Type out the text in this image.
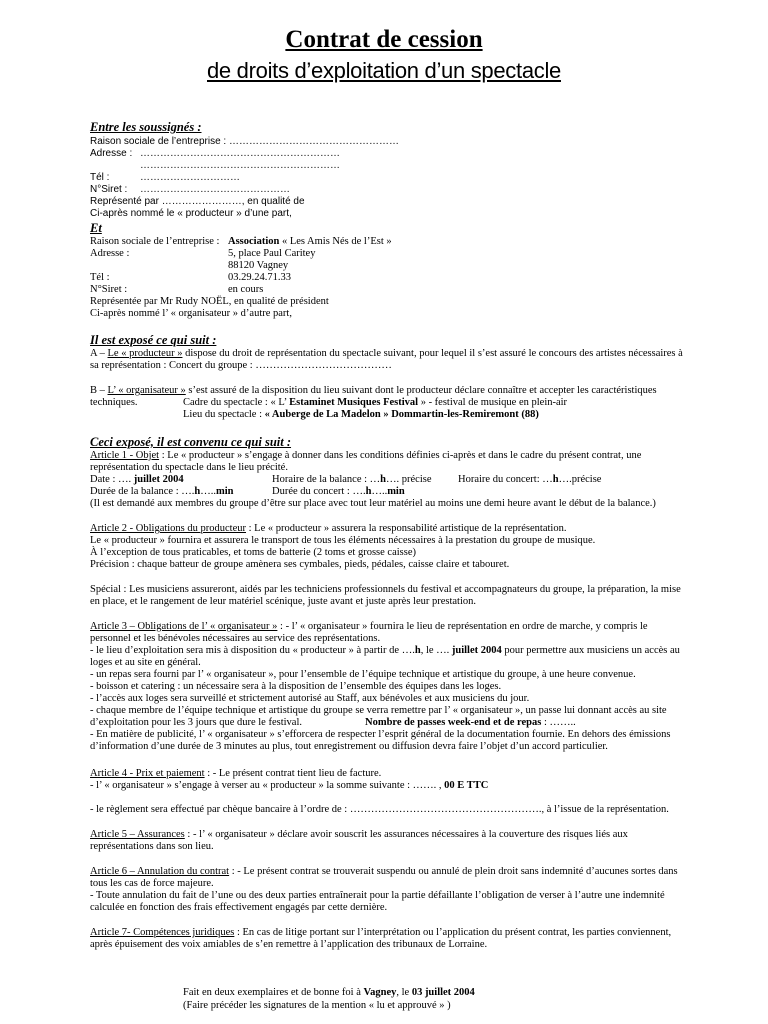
Contrat de cession
de droits d’exploitation d’un spectacle
Entre les soussignés :
Raison sociale de l’entreprise : ……………………………………………
Adresse : ……………………………………………………
……………………………………………………
Tél :	…………………………
N°Siret : ………………………………………
Représenté par ……………………, en qualité de
Ci-après nommé le « producteur » d’une part,
Et
Raison sociale de l’entreprise : Association « Les Amis Nés de l’Est »
Adresse :	5, place Paul Caritey
88120 Vagney
Tél :	03.29.24.71.33
N°Siret :	en cours
Représentée par Mr Rudy NOËL, en qualité de président
Ci-après nommé l’ « organisateur » d’autre part,
Il est exposé ce qui suit :
A – Le « producteur » dispose du droit de représentation du spectacle suivant, pour lequel il s’est assuré le concours des artistes nécessaires à
sa représentation : Concert du groupe : …………………………………
B – L’ « organisateur » s’est assuré de la disposition du lieu suivant dont le producteur déclare connaître et accepter les caractéristiques
techniques.	Cadre du spectacle : « L’ Estaminet Musiques Festival » - festival de musique en plein-air
Lieu du spectacle : « Auberge de La Madelon » Dommartin-les-Remiremont (88)
Ceci exposé, il est convenu ce qui suit :
Article 1 - Objet : Le « producteur » s’engage à donner dans les conditions définies ci-après et dans le cadre du présent contrat, une
représentation du spectacle dans le lieu précité.
Date : …. juillet 2004	Horaire de la balance : …h…. précise	Horaire du concert: …h….précise
Durée de la balance : ….h…..min	Durée du concert : ….h…..min
(Il est demandé aux membres du groupe d’être sur place avec tout leur matériel au moins une demi heure avant le début de la balance.)
Article 2 - Obligations du producteur : Le « producteur » assurera la responsabilité artistique de la représentation.
Le « producteur » fournira et assurera le transport de tous les éléments nécessaires à la prestation du groupe de musique.
À l’exception de tous praticables, et toms de batterie (2 toms et grosse caisse)
Précision : chaque batteur de groupe amènera ses cymbales, pieds, pédales, caisse claire et tabouret.
Spécial : Les musiciens assureront, aidés par les techniciens professionnels du festival et accompagnateurs du groupe, la préparation, la mise
en place, et le rangement de leur matériel scénique, juste avant et juste après leur prestation.
Article 3 – Obligations de l’ « organisateur » : - l’ « organisateur » fournira le lieu de représentation en ordre de marche, y compris le
personnel et les bénévoles nécessaires au service des représentations.
- le lieu d’exploitation sera mis à disposition du « producteur » à partir de ….h, le …. juillet 2004 pour permettre aux musiciens un accès au
loges et au site en général.
- un repas sera fourni par l’ « organisateur », pour l’ensemble de l’équipe technique et artistique du groupe, à une heure convenue.
- boisson et catering : un nécessaire sera à la disposition de l’ensemble des équipes dans les loges.
- l’accès aux loges sera surveillé et strictement autorisé au Staff, aux bénévoles et aux musiciens du jour.
- chaque membre de l’équipe technique et artistique du groupe se verra remettre par l’ « organisateur », un passe lui donnant accès au site
d’exploitation pour les 3 jours que dure le festival.	Nombre de passes week-end et de repas : ……..
- En matière de publicité, l’ « organisateur » s’efforcera de respecter l’esprit général de la documentation fournie. En dehors des émissions
d’information d’une durée de 3 minutes au plus, tout enregistrement ou diffusion devra faire l’objet d’un accord particulier.
Article 4 - Prix et paiement : - Le présent contrat tient lieu de facture.
- l’ « organisateur » s’engage à verser au « producteur » la somme suivante : ……. , 00 E TTC
- le règlement sera effectué par chèque bancaire à l’ordre de : ………………………………………………., à l’issue de la représentation.
Article 5 – Assurances : - l’ « organisateur » déclare avoir souscrit les assurances nécessaires à la couverture des risques liés aux
représentations dans son lieu.
Article 6 – Annulation du contrat : - Le présent contrat se trouverait suspendu ou annulé de plein droit sans indemnité d’aucunes sortes dans
tous les cas de force majeure.
- Toute annulation du fait de l’une ou des deux parties entraînerait pour la partie défaillante l’obligation de verser à l’autre une indemnité
calculée en fonction des frais effectivement engagés par cette dernière.
Article 7- Compétences juridiques : En cas de litige portant sur l’interprétation ou l’application du présent contrat, les parties conviennent,
après épuisement des voix amiables de s’en remettre à l’application des tribunaux de Lorraine.
Fait en deux exemplaires et de bonne foi à Vagney, le 03 juillet 2004
(Faire précéder les signatures de la mention « lu et approuvé » )
